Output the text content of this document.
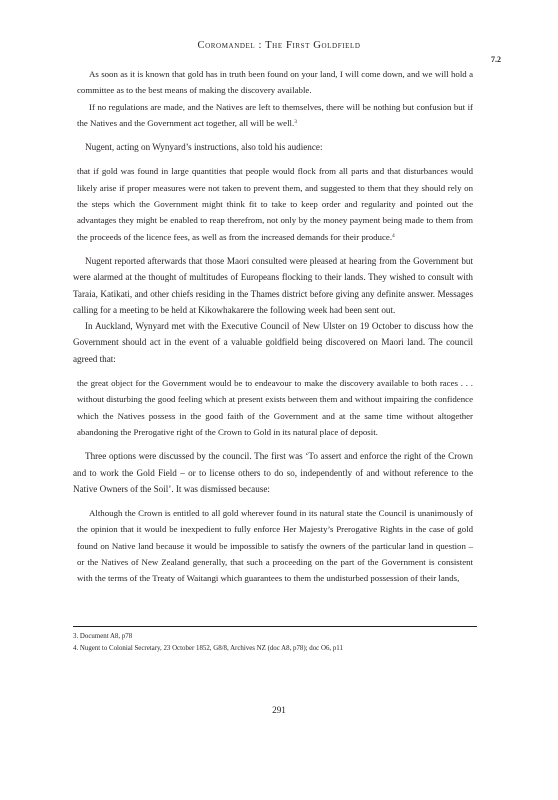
Coromandel : The First Goldfield
7.2

As soon as it is known that gold has in truth been found on your land, I will come down, and we will hold a committee as to the best means of making the discovery available.

If no regulations are made, and the Natives are left to themselves, there will be nothing but confusion but if the Natives and the Government act together, all will be well.$^3$

Nugent, acting on Wynyard’s instructions, also told his audience:

that if gold was found in large quantities that people would flock from all parts and that disturbances would likely arise if proper measures were not taken to prevent them, and suggested to them that they should rely on the steps which the Government might think fit to take to keep order and regularity and pointed out the advantages they might be enabled to reap therefrom, not only by the money payment being made to them from the proceeds of the licence fees, as well as from the increased demands for their produce.$^4$

Nugent reported afterwards that those Maori consulted were pleased at hearing from the Government but were alarmed at the thought of multitudes of Europeans flocking to their lands. They wished to consult with Taraia, Katikati, and other chiefs residing in the Thames district before giving any definite answer. Messages calling for a meeting to be held at Kikowhakarere the following week had been sent out.

In Auckland, Wynyard met with the Executive Council of New Ulster on 19 October to discuss how the Government should act in the event of a valuable goldfield being discovered on Maori land. The council agreed that:

the great object for the Government would be to endeavour to make the discovery available to both races . . . without disturbing the good feeling which at present exists between them and without impairing the confidence which the Natives possess in the good faith of the Government and at the same time without altogether abandoning the Prerogative right of the Crown to Gold in its natural place of deposit.

Three options were discussed by the council. The first was ‘To assert and enforce the right of the Crown and to work the Gold Field – or to license others to do so, independently of and without reference to the Native Owners of the Soil’. It was dismissed because:

Although the Crown is entitled to all gold wherever found in its natural state the Council is unanimously of the opinion that it would be inexpedient to fully enforce Her Majesty’s Prerogative Rights in the case of gold found on Native land because it would be impossible to satisfy the owners of the particular land in question – or the Natives of New Zealand generally, that such a proceeding on the part of the Government is consistent with the terms of the Treaty of Waitangi which guarantees to them the undisturbed possession of their lands,

3. Document A8, p78
4. Nugent to Colonial Secretary, 23 October 1852, G8/8, Archives NZ (doc A8, p78); doc O6, p11
291
